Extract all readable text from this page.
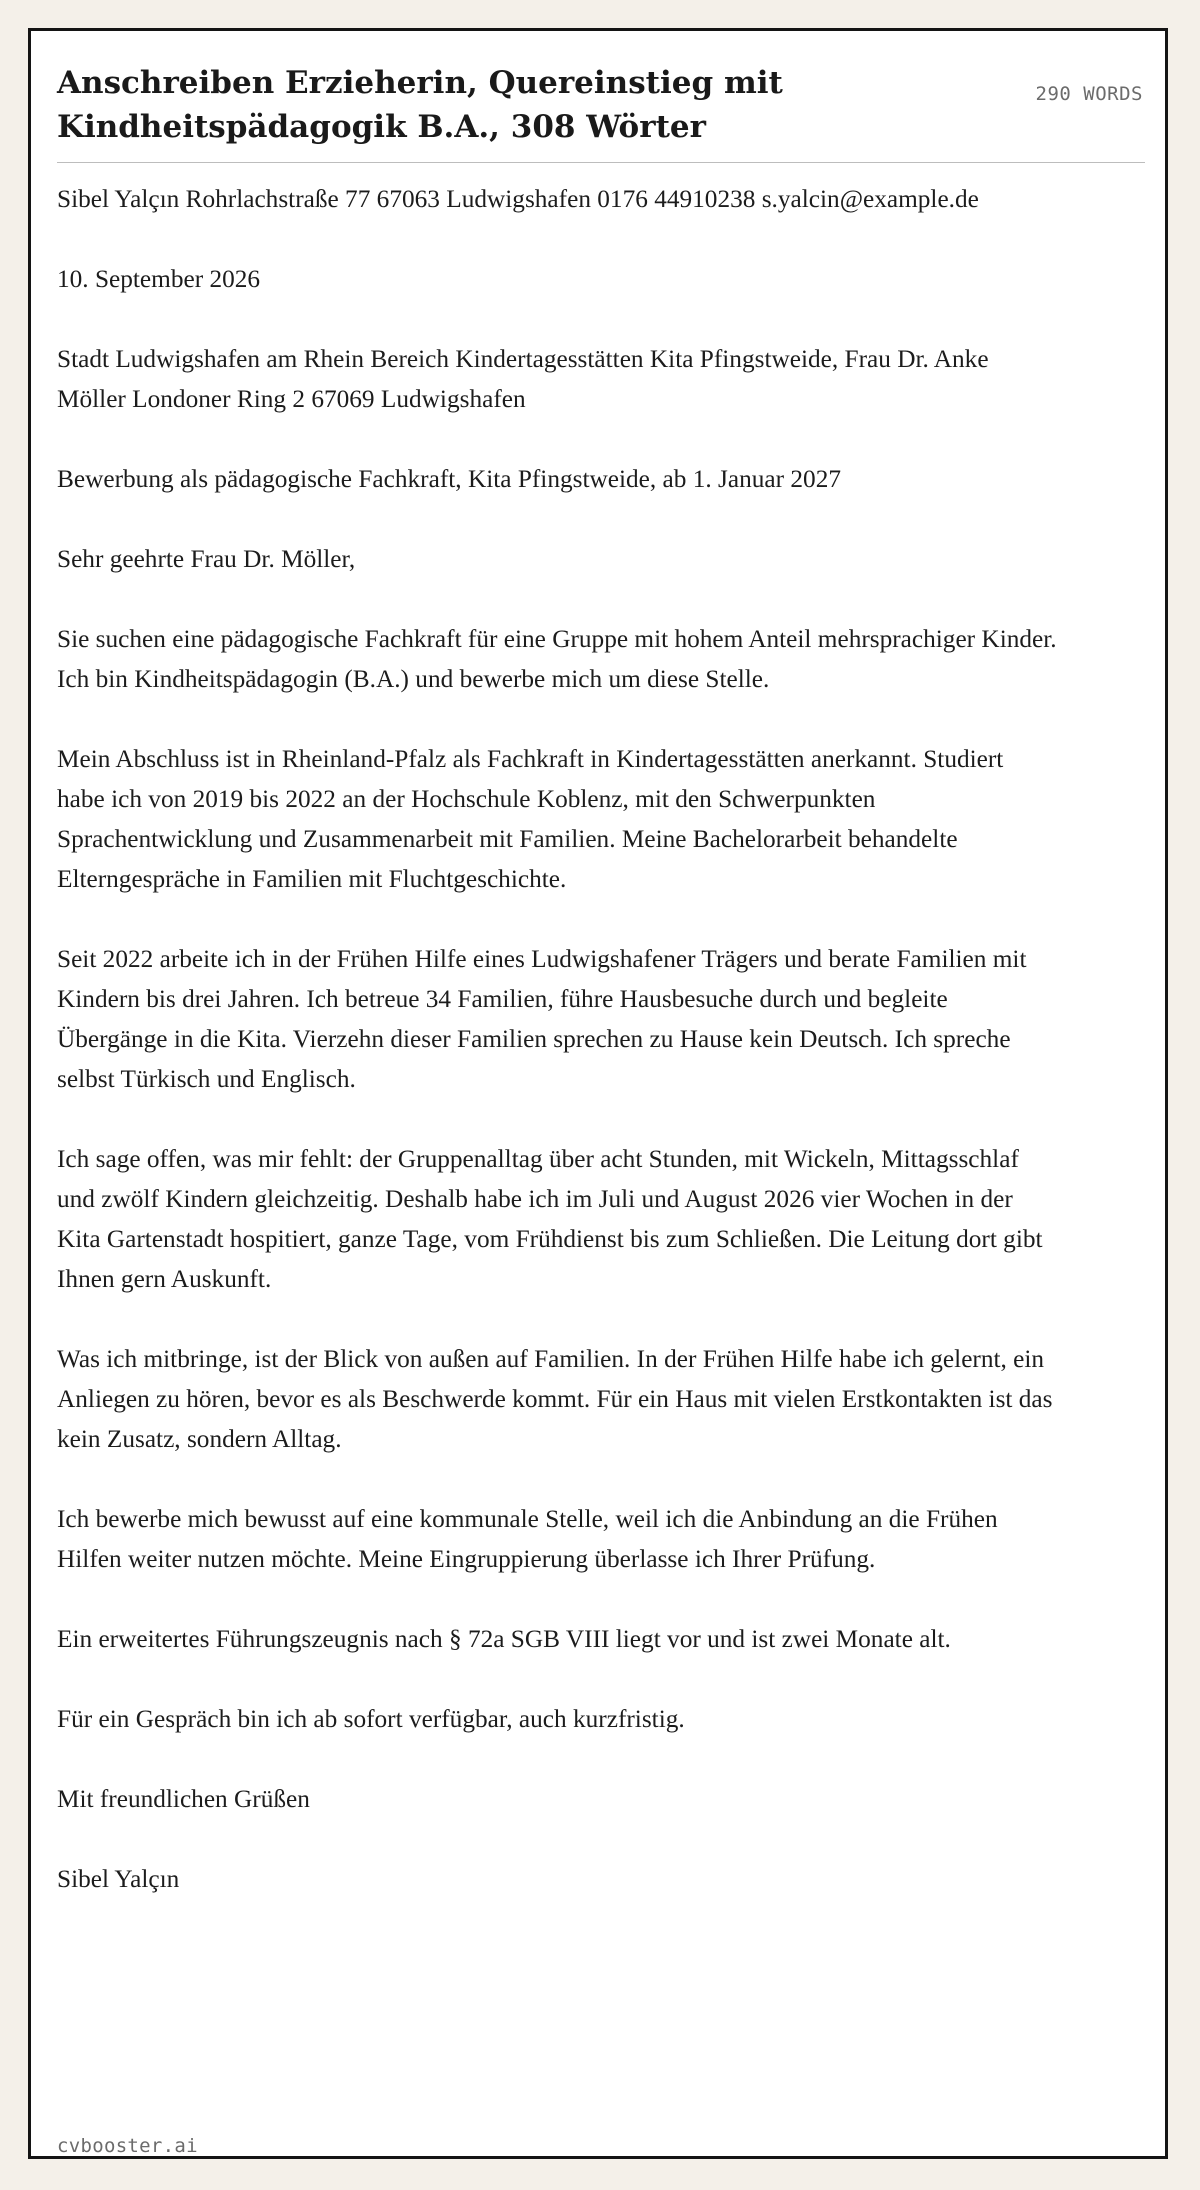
Anschreiben Erzieherin, Quereinstieg mit Kindheitspädagogik B.A., 308 Wörter
290 WORDS

Sibel Yalçın Rohrlachstraße 77 67063 Ludwigshafen 0176 44910238 s.yalcin@example.de

10. September 2026

Stadt Ludwigshafen am Rhein Bereich Kindertagesstätten Kita Pfingstweide, Frau Dr. Anke Möller Londoner Ring 2 67069 Ludwigshafen

Bewerbung als pädagogische Fachkraft, Kita Pfingstweide, ab 1. Januar 2027

Sehr geehrte Frau Dr. Möller,

Sie suchen eine pädagogische Fachkraft für eine Gruppe mit hohem Anteil mehrsprachiger Kinder. Ich bin Kindheitspädagogin (B.A.) und bewerbe mich um diese Stelle.

Mein Abschluss ist in Rheinland-Pfalz als Fachkraft in Kindertagesstätten anerkannt. Studiert habe ich von 2019 bis 2022 an der Hochschule Koblenz, mit den Schwerpunkten Sprachentwicklung und Zusammenarbeit mit Familien. Meine Bachelorarbeit behandelte Elterngespräche in Familien mit Fluchtgeschichte.

Seit 2022 arbeite ich in der Frühen Hilfe eines Ludwigshafener Trägers und berate Familien mit Kindern bis drei Jahren. Ich betreue 34 Familien, führe Hausbesuche durch und begleite Übergänge in die Kita. Vierzehn dieser Familien sprechen zu Hause kein Deutsch. Ich spreche selbst Türkisch und Englisch.

Ich sage offen, was mir fehlt: der Gruppenalltag über acht Stunden, mit Wickeln, Mittagsschlaf und zwölf Kindern gleichzeitig. Deshalb habe ich im Juli und August 2026 vier Wochen in der Kita Gartenstadt hospitiert, ganze Tage, vom Frühdienst bis zum Schließen. Die Leitung dort gibt Ihnen gern Auskunft.

Was ich mitbringe, ist der Blick von außen auf Familien. In der Frühen Hilfe habe ich gelernt, ein Anliegen zu hören, bevor es als Beschwerde kommt. Für ein Haus mit vielen Erstkontakten ist das kein Zusatz, sondern Alltag.

Ich bewerbe mich bewusst auf eine kommunale Stelle, weil ich die Anbindung an die Frühen Hilfen weiter nutzen möchte. Meine Eingruppierung überlasse ich Ihrer Prüfung.

Ein erweitertes Führungszeugnis nach § 72a SGB VIII liegt vor und ist zwei Monate alt.

Für ein Gespräch bin ich ab sofort verfügbar, auch kurzfristig.

Mit freundlichen Grüßen

Sibel Yalçın

cvbooster.ai
